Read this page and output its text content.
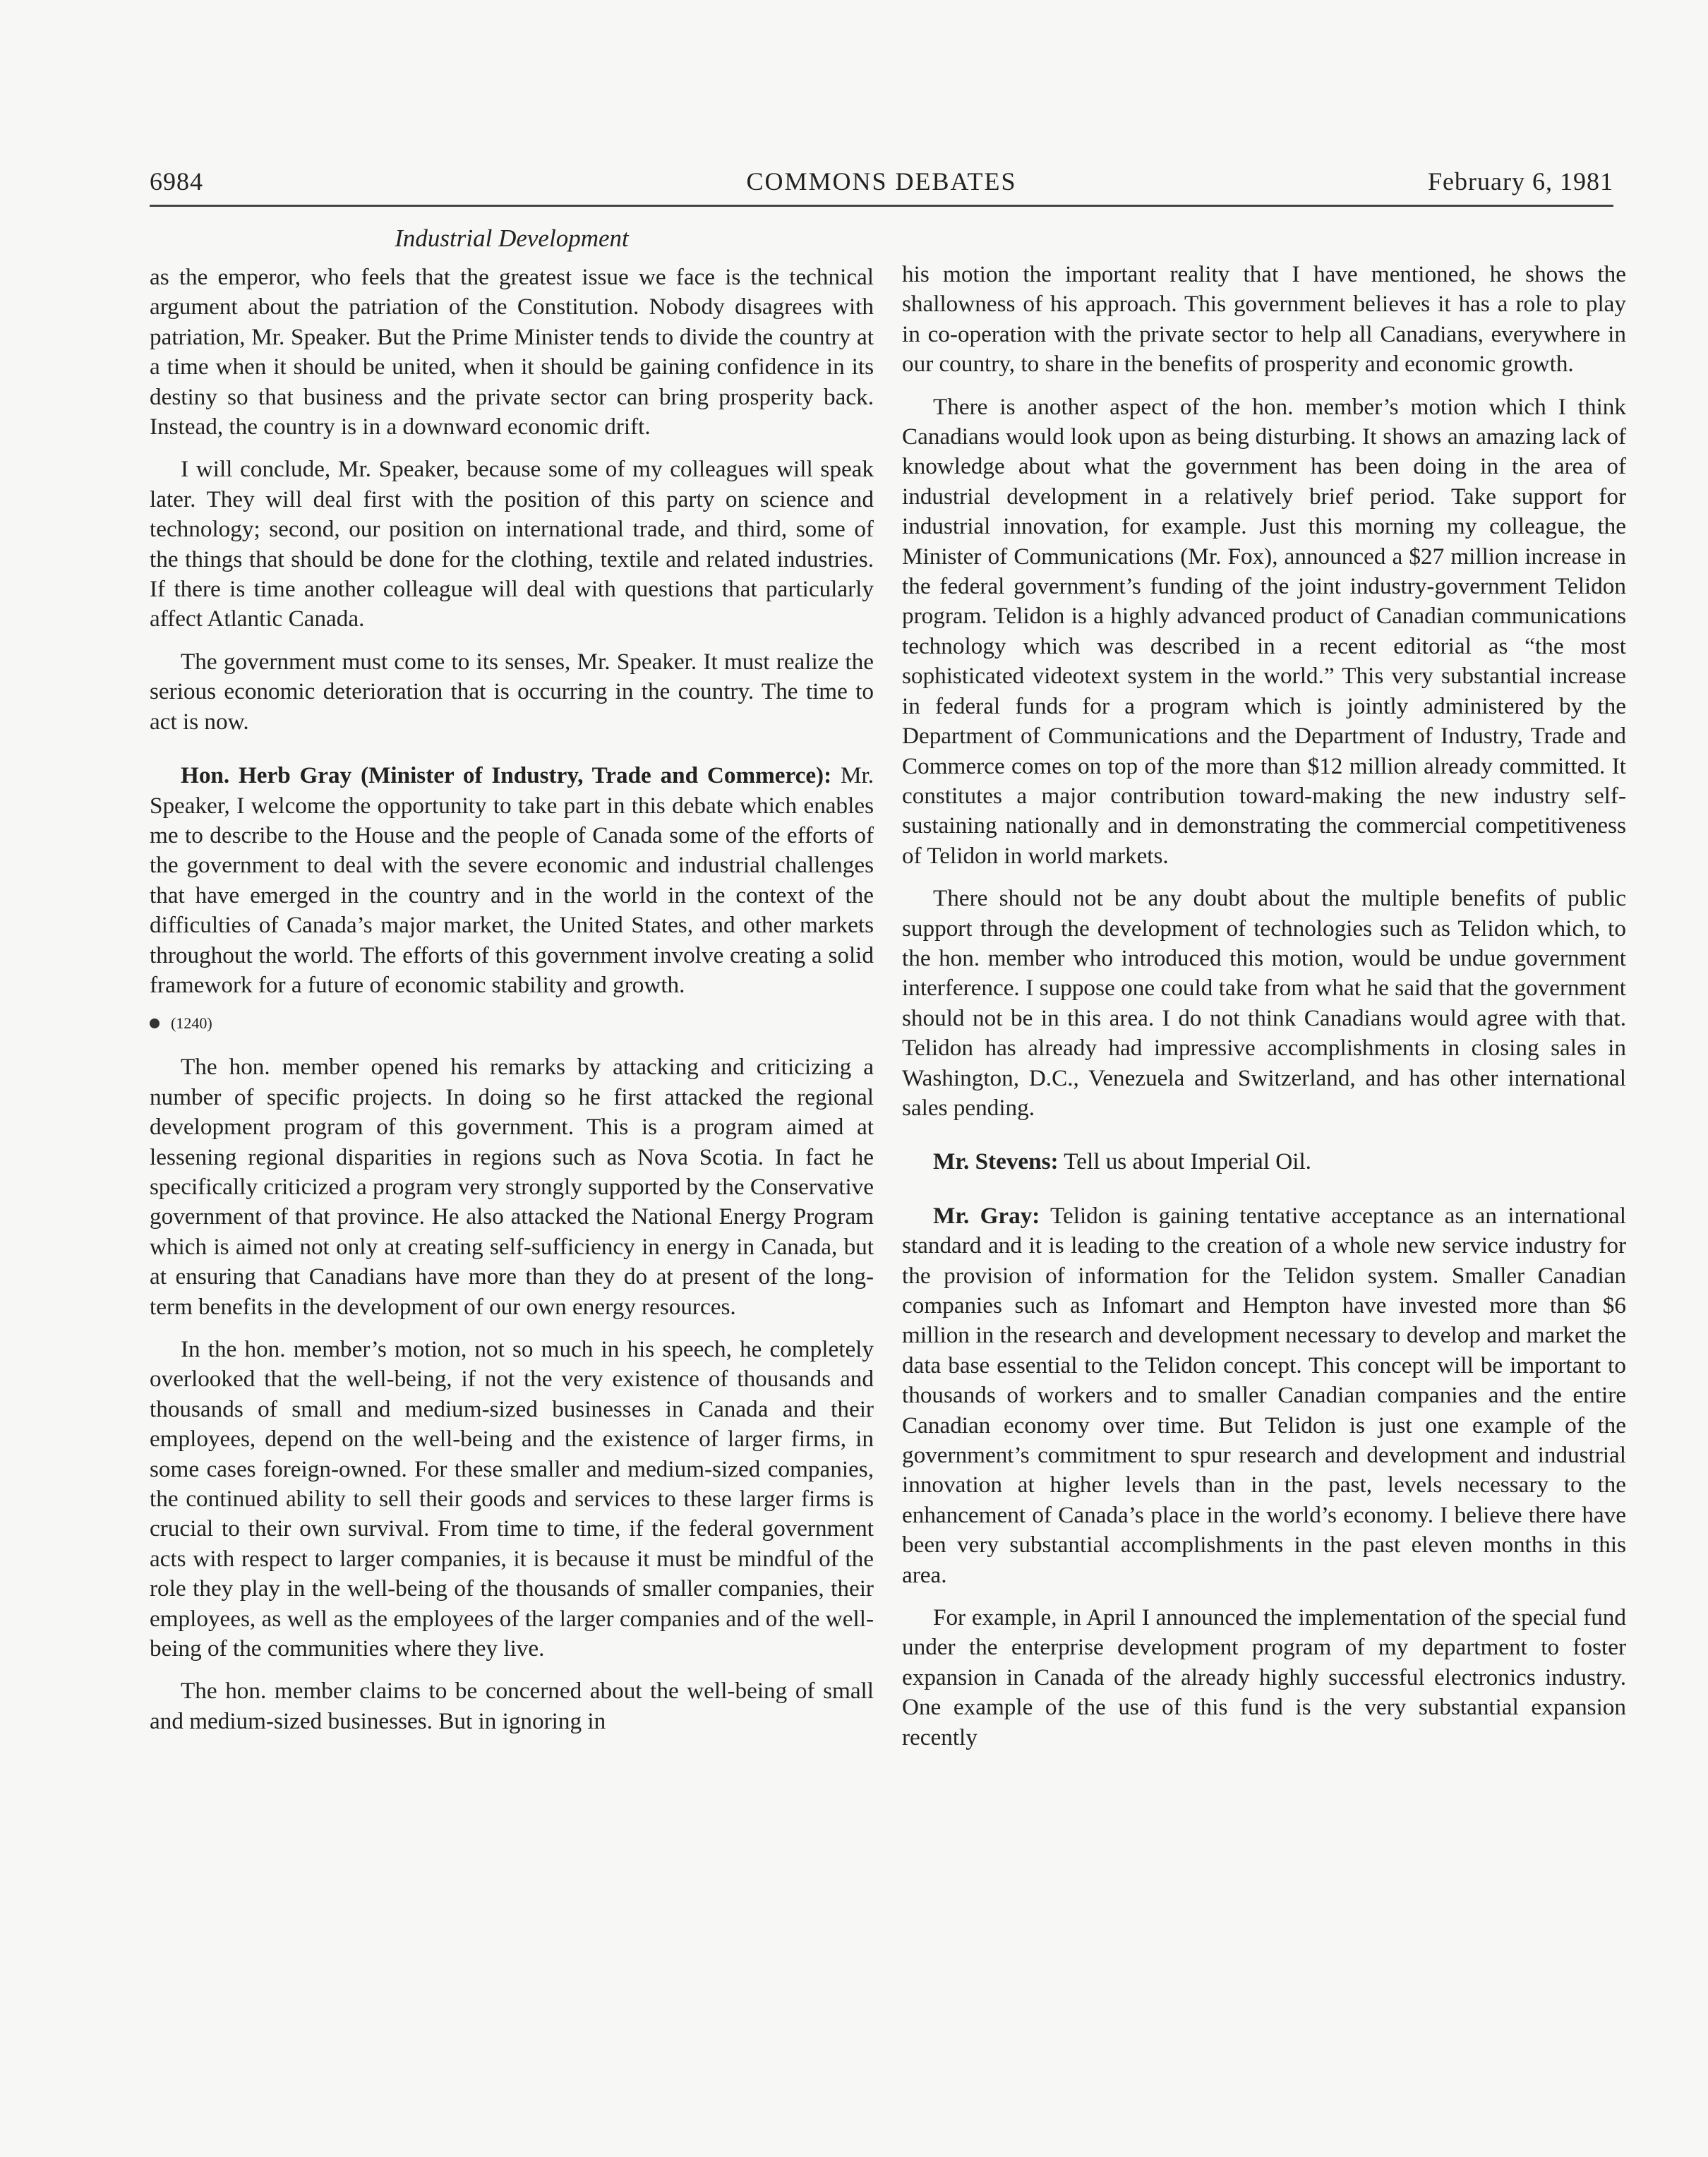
6984	COMMONS DEBATES	February 6, 1981
Industrial Development

as the emperor, who feels that the greatest issue we face is the technical argument about the patriation of the Constitution. Nobody disagrees with patriation, Mr. Speaker. But the Prime Minister tends to divide the country at a time when it should be united, when it should be gaining confidence in its destiny so that business and the private sector can bring prosperity back. Instead, the country is in a downward economic drift.

I will conclude, Mr. Speaker, because some of my colleagues will speak later. They will deal first with the position of this party on science and technology; second, our position on international trade, and third, some of the things that should be done for the clothing, textile and related industries. If there is time another colleague will deal with questions that particularly affect Atlantic Canada.

The government must come to its senses, Mr. Speaker. It must realize the serious economic deterioration that is occurring in the country. The time to act is now.

Hon. Herb Gray (Minister of Industry, Trade and Commerce): Mr. Speaker, I welcome the opportunity to take part in this debate which enables me to describe to the House and the people of Canada some of the efforts of the government to deal with the severe economic and industrial challenges that have emerged in the country and in the world in the context of the difficulties of Canada’s major market, the United States, and other markets throughout the world. The efforts of this government involve creating a solid framework for a future of economic stability and growth.

(1240)

The hon. member opened his remarks by attacking and criticizing a number of specific projects. In doing so he first attacked the regional development program of this government. This is a program aimed at lessening regional disparities in regions such as Nova Scotia. In fact he specifically criticized a program very strongly supported by the Conservative government of that province. He also attacked the National Energy Program which is aimed not only at creating self-sufficiency in energy in Canada, but at ensuring that Canadians have more than they do at present of the long-term benefits in the development of our own energy resources.

In the hon. member’s motion, not so much in his speech, he completely overlooked that the well-being, if not the very existence of thousands and thousands of small and medium-sized businesses in Canada and their employees, depend on the well-being and the existence of larger firms, in some cases foreign-owned. For these smaller and medium-sized companies, the continued ability to sell their goods and services to these larger firms is crucial to their own survival. From time to time, if the federal government acts with respect to larger companies, it is because it must be mindful of the role they play in the well-being of the thousands of smaller companies, their employees, as well as the employees of the larger companies and of the well-being of the communities where they live.

The hon. member claims to be concerned about the well-being of small and medium-sized businesses. But in ignoring in

his motion the important reality that I have mentioned, he shows the shallowness of his approach. This government believes it has a role to play in co-operation with the private sector to help all Canadians, everywhere in our country, to share in the benefits of prosperity and economic growth.

There is another aspect of the hon. member’s motion which I think Canadians would look upon as being disturbing. It shows an amazing lack of knowledge about what the government has been doing in the area of industrial development in a relatively brief period. Take support for industrial innovation, for example. Just this morning my colleague, the Minister of Communications (Mr. Fox), announced a $27 million increase in the federal government’s funding of the joint industry-government Telidon program. Telidon is a highly advanced product of Canadian communications technology which was described in a recent editorial as “the most sophisticated videotext system in the world.” This very substantial increase in federal funds for a program which is jointly administered by the Department of Communications and the Department of Industry, Trade and Commerce comes on top of the more than $12 million already committed. It constitutes a major contribution toward-making the new industry self-sustaining nationally and in demonstrating the commercial competitiveness of Telidon in world markets.

There should not be any doubt about the multiple benefits of public support through the development of technologies such as Telidon which, to the hon. member who introduced this motion, would be undue government interference. I suppose one could take from what he said that the government should not be in this area. I do not think Canadians would agree with that. Telidon has already had impressive accomplishments in closing sales in Washington, D.C., Venezuela and Switzerland, and has other international sales pending.

Mr. Stevens: Tell us about Imperial Oil.

Mr. Gray: Telidon is gaining tentative acceptance as an international standard and it is leading to the creation of a whole new service industry for the provision of information for the Telidon system. Smaller Canadian companies such as Infomart and Hempton have invested more than $6 million in the research and development necessary to develop and market the data base essential to the Telidon concept. This concept will be important to thousands of workers and to smaller Canadian companies and the entire Canadian economy over time. But Telidon is just one example of the government’s commitment to spur research and development and industrial innovation at higher levels than in the past, levels necessary to the enhancement of Canada’s place in the world’s economy. I believe there have been very substantial accomplishments in the past eleven months in this area.

For example, in April I announced the implementation of the special fund under the enterprise development program of my department to foster expansion in Canada of the already highly successful electronics industry. One example of the use of this fund is the very substantial expansion recently
